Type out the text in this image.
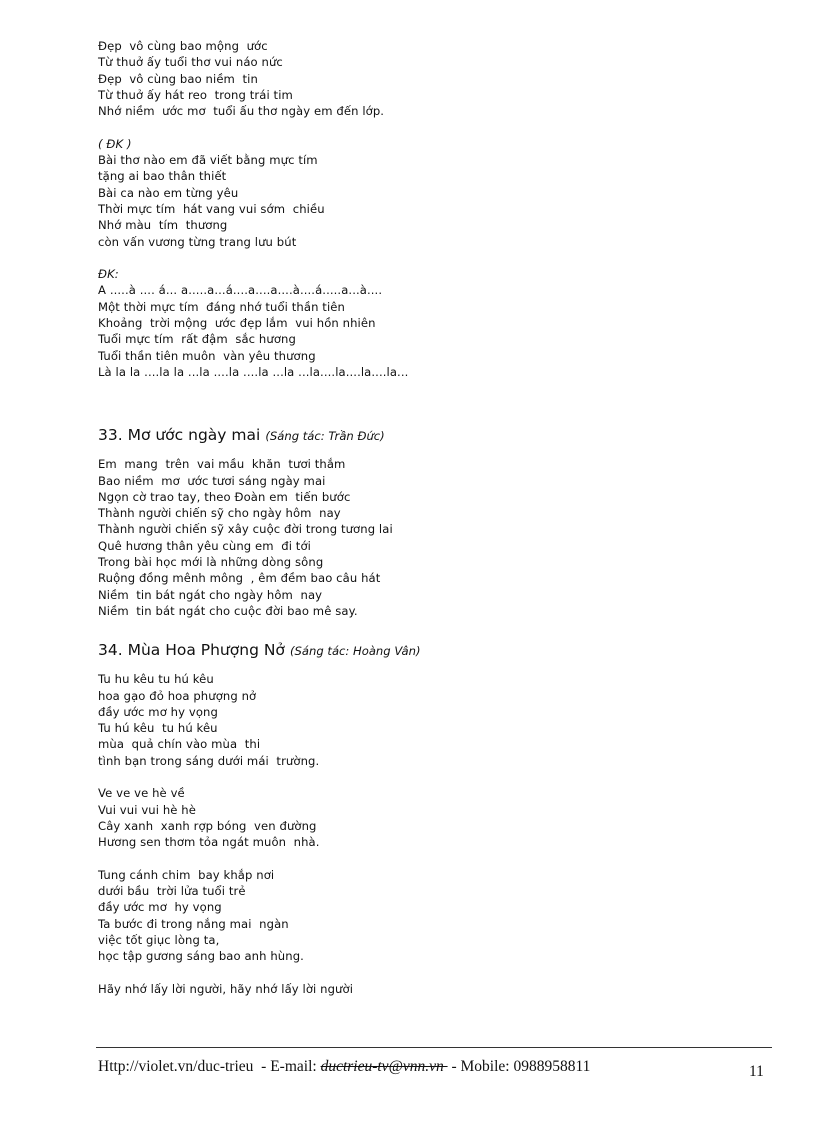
Đẹp  vô cùng bao mộng  ước
Từ thuở ấy tuổi thơ vui náo nức
Đẹp  vô cùng bao niềm  tin
Từ thuở ấy hát reo  trong trái tim
Nhớ niềm  ước mơ  tuổi ấu thơ ngày em đến lớp.
( ĐK )
Bài thơ nào em đã viết bằng mực tím
tặng ai bao thân thiết
Bài ca nào em từng yêu
Thời mực tím  hát vang vui sớm  chiều
Nhớ màu  tím  thương
còn vấn vương từng trang lưu bút
ĐK:
A .....à .... á... a.....a...á....a....a....à....á.....a...à....
Một thời mực tím  đáng nhớ tuổi thần tiên
Khoảng  trời mộng  ước đẹp lắm  vui hồn nhiên
Tuổi mực tím  rất đậm  sắc hương
Tuổi thần tiên muôn  vàn yêu thương
Là la la ....la la ...la ....la ....la ...la ...la....la....la....la...
33. Mơ ước ngày mai (Sáng tác: Trần Đức)
Em  mang  trên  vai mầu  khăn  tươi thắm
Bao niềm  mơ  ước tươi sáng ngày mai
Ngọn cờ trao tay, theo Đoàn em  tiến bước
Thành người chiến sỹ cho ngày hôm  nay
Thành người chiến sỹ xây cuộc đời trong tương lai
Quê hương thân yêu cùng em  đi tới
Trong bài học mới là những dòng sông
Ruộng đồng mênh mông  , êm đềm bao câu hát
Niềm  tin bát ngát cho ngày hôm  nay
Niềm  tin bát ngát cho cuộc đời bao mê say.
34. Mùa Hoa Phượng Nở (Sáng tác: Hoàng Vân)
Tu hu kêu tu hú kêu
hoa gạo đỏ hoa phượng nở
đầy ước mơ hy vọng
Tu hú kêu  tu hú kêu
mùa  quả chín vào mùa  thi
tình bạn trong sáng dưới mái  trường.
Ve ve ve hè về
Vui vui vui hè hè
Cây xanh  xanh rợp bóng  ven đường
Hương sen thơm tỏa ngát muôn  nhà.
Tung cánh chim  bay khắp nơi
dưới bầu  trời lửa tuổi trẻ
đầy ước mơ  hy vọng
Ta bước đi trong nắng mai  ngàn
việc tốt giục lòng ta,
học tập gương sáng bao anh hùng.
Hãy nhớ lấy lời người, hãy nhớ lấy lời người
Http://violet.vn/duc-trieu  - E-mail: ductrieu-tv@vnn.vn  - Mobile: 0988958811	11
